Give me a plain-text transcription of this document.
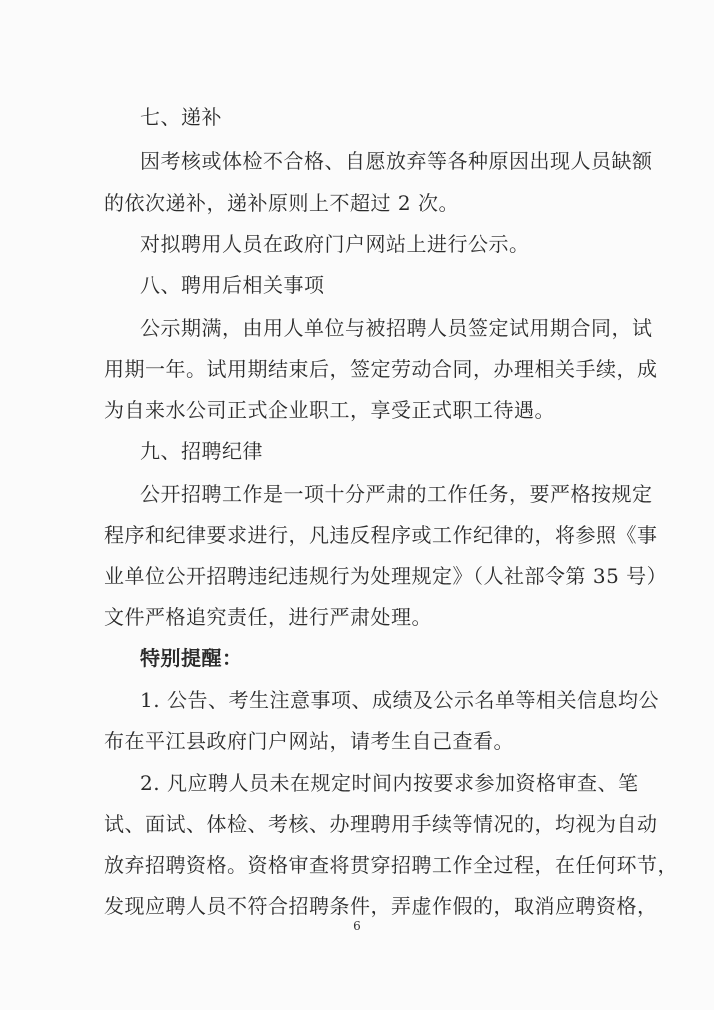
七、递补
因考核或体检不合格、自愿放弃等各种原因出现人员缺额
的依次递补，递补原则上不超过 2 次。
对拟聘用人员在政府门户网站上进行公示。
八、聘用后相关事项
公示期满，由用人单位与被招聘人员签定试用期合同，试
用期一年。试用期结束后，签定劳动合同，办理相关手续，成
为自来水公司正式企业职工，享受正式职工待遇。
九、招聘纪律
公开招聘工作是一项十分严肃的工作任务，要严格按规定
程序和纪律要求进行，凡违反程序或工作纪律的，将参照《事
业单位公开招聘违纪违规行为处理规定》（人社部令第 35 号）
文件严格追究责任，进行严肃处理。
特别提醒：
1. 公告、考生注意事项、成绩及公示名单等相关信息均公
布在平江县政府门户网站，请考生自己查看。
2. 凡应聘人员未在规定时间内按要求参加资格审查、笔
试、面试、体检、考核、办理聘用手续等情况的，均视为自动
放弃招聘资格。资格审查将贯穿招聘工作全过程，在任何环节，
发现应聘人员不符合招聘条件，弄虚作假的，取消应聘资格，
6
